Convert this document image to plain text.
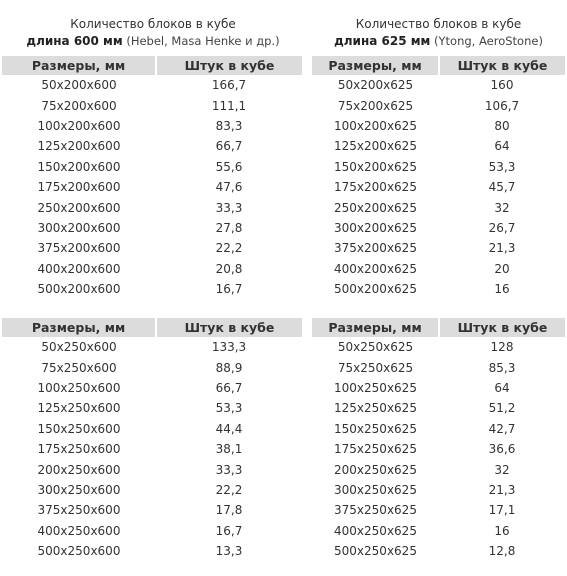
Количество блоков в кубе
длина 600 мм (Hebel, Masa Henke и др.)
Количество блоков в кубе
длина 625 мм (Ytong, AeroStone)
Размеры, мм	Штук в кубе
50x200x600	166,7
75x200x600	111,1
100x200x600	83,3
125x200x600	66,7
150x200x600	55,6
175x200x600	47,6
250x200x600	33,3
300x200x600	27,8
375x200x600	22,2
400x200x600	20,8
500x200x600	16,7
Размеры, мм	Штук в кубе
50x200x625	160
75x200x625	106,7
100x200x625	80
125x200x625	64
150x200x625	53,3
175x200x625	45,7
250x200x625	32
300x200x625	26,7
375x200x625	21,3
400x200x625	20
500x200x625	16
Размеры, мм	Штук в кубе
50x250x600	133,3
75x250x600	88,9
100x250x600	66,7
125x250x600	53,3
150x250x600	44,4
175x250x600	38,1
200x250x600	33,3
300x250x600	22,2
375x250x600	17,8
400x250x600	16,7
500x250x600	13,3
Размеры, мм	Штук в кубе
50x250x625	128
75x250x625	85,3
100x250x625	64
125x250x625	51,2
150x250x625	42,7
175x250x625	36,6
200x250x625	32
300x250x625	21,3
375x250x625	17,1
400x250x625	16
500x250x625	12,8
